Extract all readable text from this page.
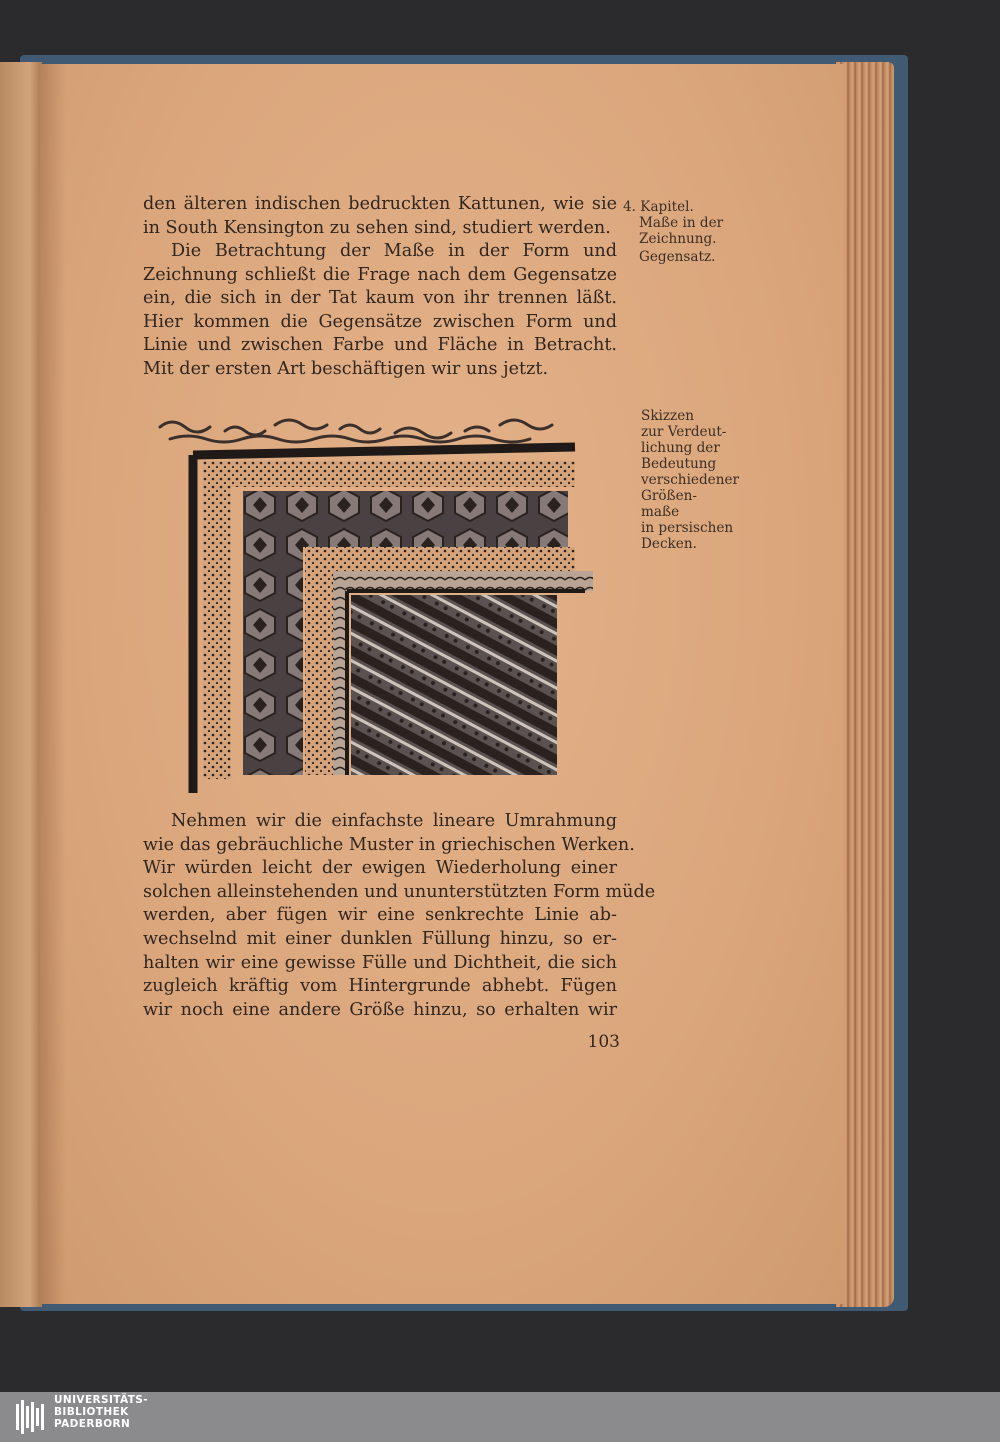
den älteren indischen bedruckten Kattunen, wie sie
in South Kensington zu sehen sind, studiert werden.
Die Betrachtung der Maße in der Form und
Zeichnung schließt die Frage nach dem Gegensatze
ein, die sich in der Tat kaum von ihr trennen läßt.
Hier kommen die Gegensätze zwischen Form und
Linie und zwischen Farbe und Fläche in Betracht.
Mit der ersten Art beschäftigen wir uns jetzt.
4. Kapitel.
Maße in der
Zeichnung.
Gegensatz.
Skizzen
zur Verdeut-
lichung der
Bedeutung
verschiedener
Größen-
maße
in persischen
Decken.
Nehmen wir die einfachste lineare Umrahmung
wie das gebräuchliche Muster in griechischen Werken.
Wir würden leicht der ewigen Wiederholung einer
solchen alleinstehenden und ununterstützten Form müde
werden, aber fügen wir eine senkrechte Linie ab-
wechselnd mit einer dunklen Füllung hinzu, so er-
halten wir eine gewisse Fülle und Dichtheit, die sich
zugleich kräftig vom Hintergrunde abhebt. Fügen
wir noch eine andere Größe hinzu, so erhalten wir
103
UNIVERSITÄTS-
BIBLIOTHEK
PADERBORN
